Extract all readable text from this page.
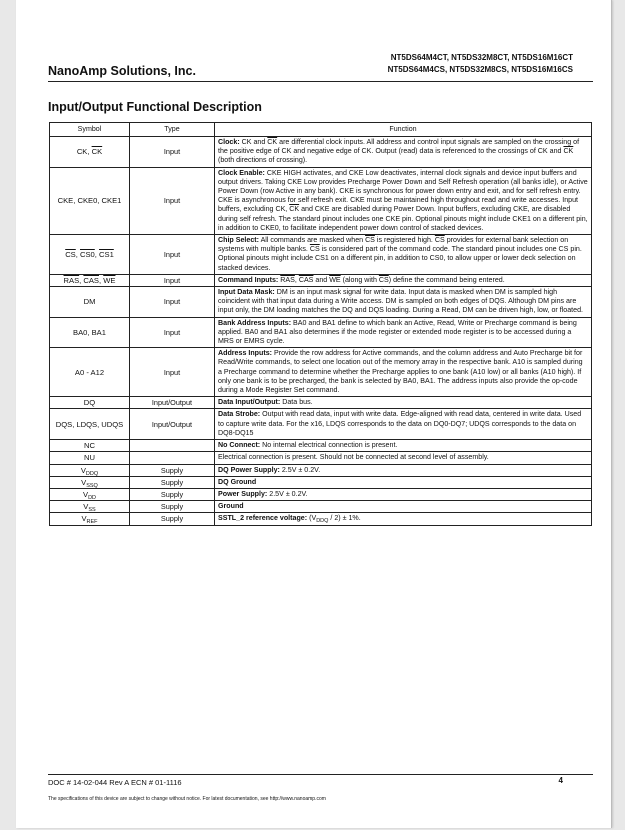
NanoAmp Solutions, Inc.
NT5DS64M4CT, NT5DS32M8CT, NT5DS16M16CT
NT5DS64M4CS, NT5DS32M8CS, NT5DS16M16CS
Input/Output Functional Description
Symbol	Type	Function
CK, $\overline{CK}$	Input	Clock: CK and $\overline{CK}$ are differential clock inputs. All address and control input signals are sampled on the crossing of the positive edge of CK and negative edge of CK. Output (read) data is referenced to the crossings of CK and $\overline{CK}$ (both directions of crossing).
CKE, CKE0, CKE1	Input	Clock Enable: CKE HIGH activates, and CKE Low deactivates, internal clock signals and device input buffers and output drivers. Taking CKE Low provides Precharge Power Down and Self Refresh operation (all banks idle), or Active Power Down (row Active in any bank). CKE is synchronous for power down entry and exit, and for self refresh entry. CKE is asynchronous for self refresh exit. CKE must be maintained high throughout read and write accesses. Input buffers, excluding CK, $\overline{CK}$ and CKE are disabled during Power Down. Input buffers, excluding CKE, are disabled during self refresh. The standard pinout includes one CKE pin. Optional pinouts might include CKE1 on a different pin, in addition to CKE0, to facilitate independent power down control of stacked devices.
$\overline{CS}$, CS0, CS1	Input	Chip Select: All commands are masked when $\overline{CS}$ is registered high. $\overline{CS}$ provides for external bank selection on systems with multiple banks. $\overline{CS}$ is considered part of the command code. The standard pinout includes one CS pin. Optional pinouts might include CS1 on a different pin, in addition to CS0, to allow upper or lower deck selection on stacked devices.
$\overline{RAS}$, $\overline{CAS}$, $\overline{WE}$	Input	Command Inputs: $\overline{RAS}$, $\overline{CAS}$ and $\overline{WE}$ (along with $\overline{CS}$) define the command being entered.
DM	Input	Input Data Mask: DM is an input mask signal for write data. Input data is masked when DM is sampled high coincident with that input data during a Write access. DM is sampled on both edges of DQS. Although DM pins are input only, the DM loading matches the DQ and DQS loading. During a Read, DM can be driven high, low, or floated.
BA0, BA1	Input	Bank Address Inputs: BA0 and BA1 define to which bank an Active, Read, Write or Precharge command is being applied. BA0 and BA1 also determines if the mode register or extended mode register is to be accessed during a MRS or EMRS cycle.
A0 - A12	Input	Address Inputs: Provide the row address for Active commands, and the column address and Auto Precharge bit for Read/Write commands, to select one location out of the memory array in the respective bank. A10 is sampled during a Precharge command to determine whether the Precharge applies to one bank (A10 low) or all banks (A10 high). If only one bank is to be precharged, the bank is selected by BA0, BA1. The address inputs also provide the op-code during a Mode Register Set command.
DQ	Input/Output	Data Input/Output: Data bus.
DQS, LDQS, UDQS	Input/Output	Data Strobe: Output with read data, input with write data. Edge-aligned with read data, centered in write data. Used to capture write data. For the x16, LDQS corresponds to the data on DQ0-DQ7; UDQS corresponds to the data on DQ8-DQ15
NC		No Connect: No internal electrical connection is present.
NU		Electrical connection is present. Should not be connected at second level of assembly.
$V_{DDQ}$	Supply	DQ Power Supply: 2.5V ± 0.2V.
$V_{SSQ}$	Supply	DQ Ground
$V_{DD}$	Supply	Power Supply: 2.5V ± 0.2V.
$V_{SS}$	Supply	Ground
$V_{REF}$	Supply	SSTL_2 reference voltage: $(V_{DDQ} / 2) \pm 1\%$.
DOC # 14-02-044 Rev A ECN # 01-1116	4
The specifications of this device are subject to change without notice. For latest documentation, see http://www.nanoamp.com
